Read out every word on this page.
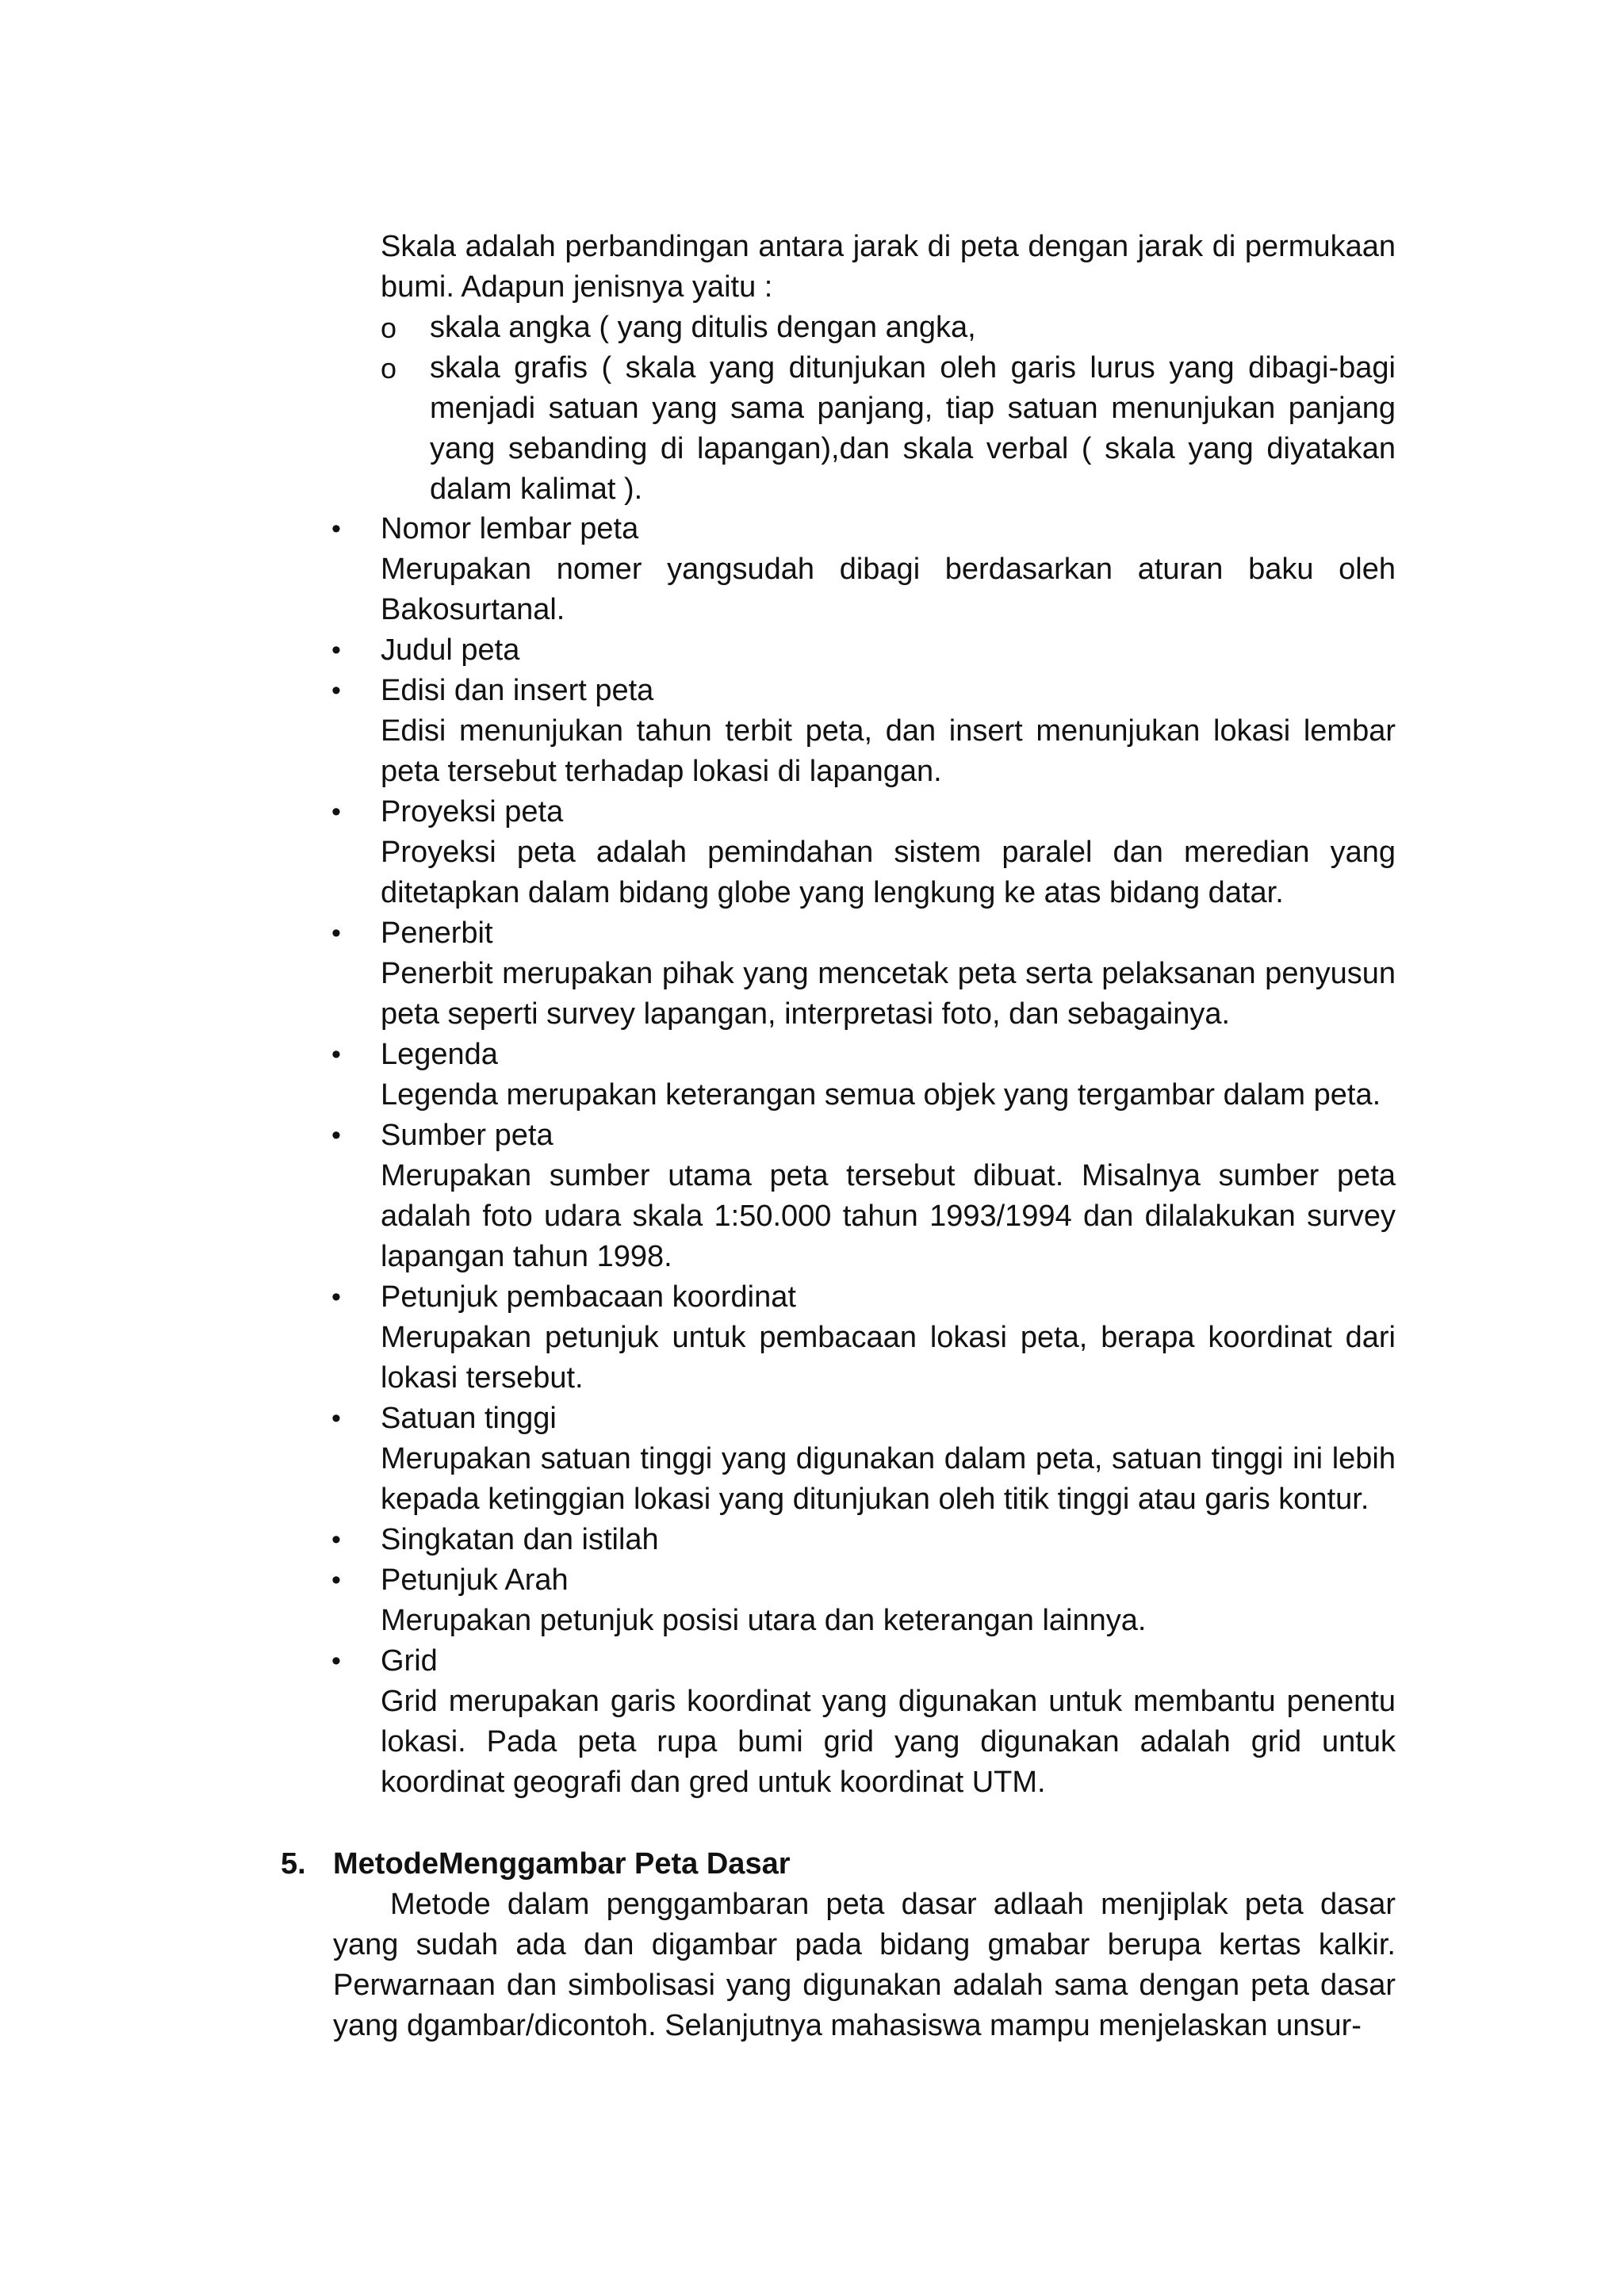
Skala adalah perbandingan antara jarak di peta dengan jarak di permukaan bumi. Adapun jenisnya yaitu :

o skala angka ( yang ditulis dengan angka,
o skala grafis ( skala yang ditunjukan oleh garis lurus yang dibagi-bagi menjadi satuan yang sama panjang, tiap satuan menunjukan panjang yang sebanding di lapangan),dan skala verbal ( skala yang diyatakan dalam kalimat ).
• Nomor lembar peta
Merupakan nomer yangsudah dibagi berdasarkan aturan baku oleh Bakosurtanal.
• Judul peta
• Edisi dan insert peta
Edisi menunjukan tahun terbit peta, dan insert menunjukan lokasi lembar peta tersebut terhadap lokasi di lapangan.
• Proyeksi peta
Proyeksi peta adalah pemindahan sistem paralel dan meredian yang ditetapkan dalam bidang globe yang lengkung ke atas bidang datar.
• Penerbit
Penerbit merupakan pihak yang mencetak peta serta pelaksanan penyusun peta seperti survey lapangan, interpretasi foto, dan sebagainya.
• Legenda
Legenda merupakan keterangan semua objek yang tergambar dalam peta.
• Sumber peta
Merupakan sumber utama peta tersebut dibuat. Misalnya sumber peta adalah foto udara skala 1:50.000 tahun 1993/1994 dan dilalakukan survey lapangan tahun 1998.
• Petunjuk pembacaan koordinat
Merupakan petunjuk untuk pembacaan lokasi peta, berapa koordinat dari lokasi tersebut.
• Satuan tinggi
Merupakan satuan tinggi yang digunakan dalam peta, satuan tinggi ini lebih kepada ketinggian lokasi yang ditunjukan oleh titik tinggi atau garis kontur.
• Singkatan dan istilah
• Petunjuk Arah
Merupakan petunjuk posisi utara dan keterangan lainnya.
• Grid
Grid merupakan garis koordinat yang digunakan untuk membantu penentu lokasi. Pada peta rupa bumi grid yang digunakan adalah grid untuk koordinat geografi dan gred untuk koordinat UTM.

5. MetodeMenggambar Peta Dasar

Metode dalam penggambaran peta dasar adlaah menjiplak peta dasar yang sudah ada dan digambar pada bidang gmabar berupa kertas kalkir. Perwarnaan dan simbolisasi yang digunakan adalah sama dengan peta dasar yang dgambar/dicontoh. Selanjutnya mahasiswa mampu menjelaskan unsur-
